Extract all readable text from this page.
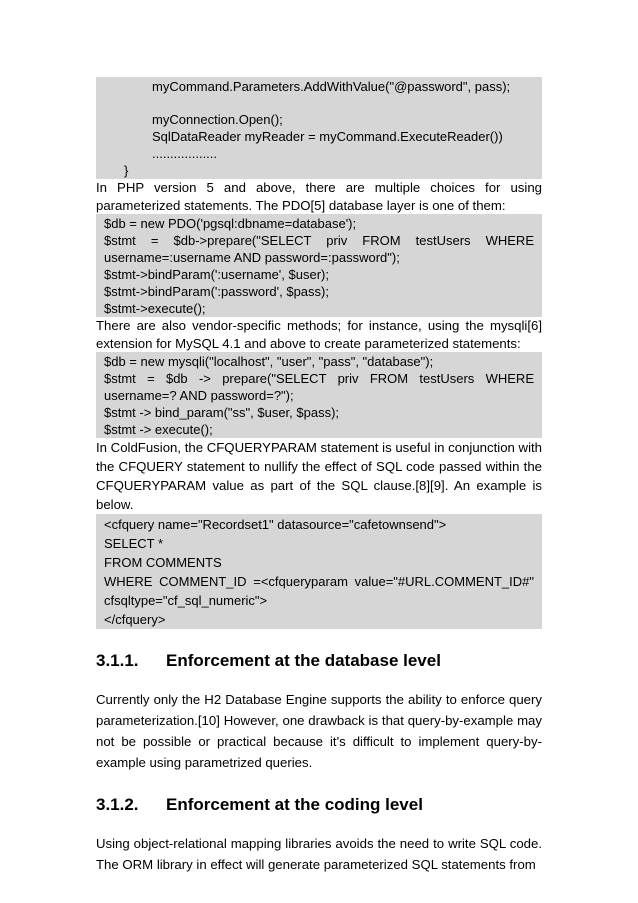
myCommand.Parameters.AddWithValue("@password", pass);
myConnection.Open();
SqlDataReader myReader = myCommand.ExecuteReader())
..................
}

In PHP version 5 and above, there are multiple choices for using parameterized statements. The PDO[5] database layer is one of them:

$db = new PDO('pgsql:dbname=database');
$stmt = $db->prepare("SELECT priv FROM testUsers WHERE
username=:username AND password=:password");
$stmt->bindParam(':username', $user);
$stmt->bindParam(':password', $pass);
$stmt->execute();

There are also vendor-specific methods; for instance, using the mysqli[6] extension for MySQL 4.1 and above to create parameterized statements:

$db = new mysqli("localhost", "user", "pass", "database");
$stmt = $db -> prepare("SELECT priv FROM testUsers WHERE
username=? AND password=?");
$stmt -> bind_param("ss", $user, $pass);
$stmt -> execute();

In ColdFusion, the CFQUERYPARAM statement is useful in conjunction with the CFQUERY statement to nullify the effect of SQL code passed within the CFQUERYPARAM value as part of the SQL clause.[8][9]. An example is below.

<cfquery name="Recordset1" datasource="cafetownsend">
SELECT *
FROM COMMENTS
WHERE COMMENT_ID =<cfqueryparam value="#URL.COMMENT_ID#"
cfsqltype="cf_sql_numeric">
</cfquery>
3.1.1.	Enforcement at the database level

Currently only the H2 Database Engine supports the ability to enforce query parameterization.[10] However, one drawback is that query-by-example may not be possible or practical because it's difficult to implement query-by-example using parametrized queries.

3.1.2.	Enforcement at the coding level

Using object-relational mapping libraries avoids the need to write SQL code. The ORM library in effect will generate parameterized SQL statements from
